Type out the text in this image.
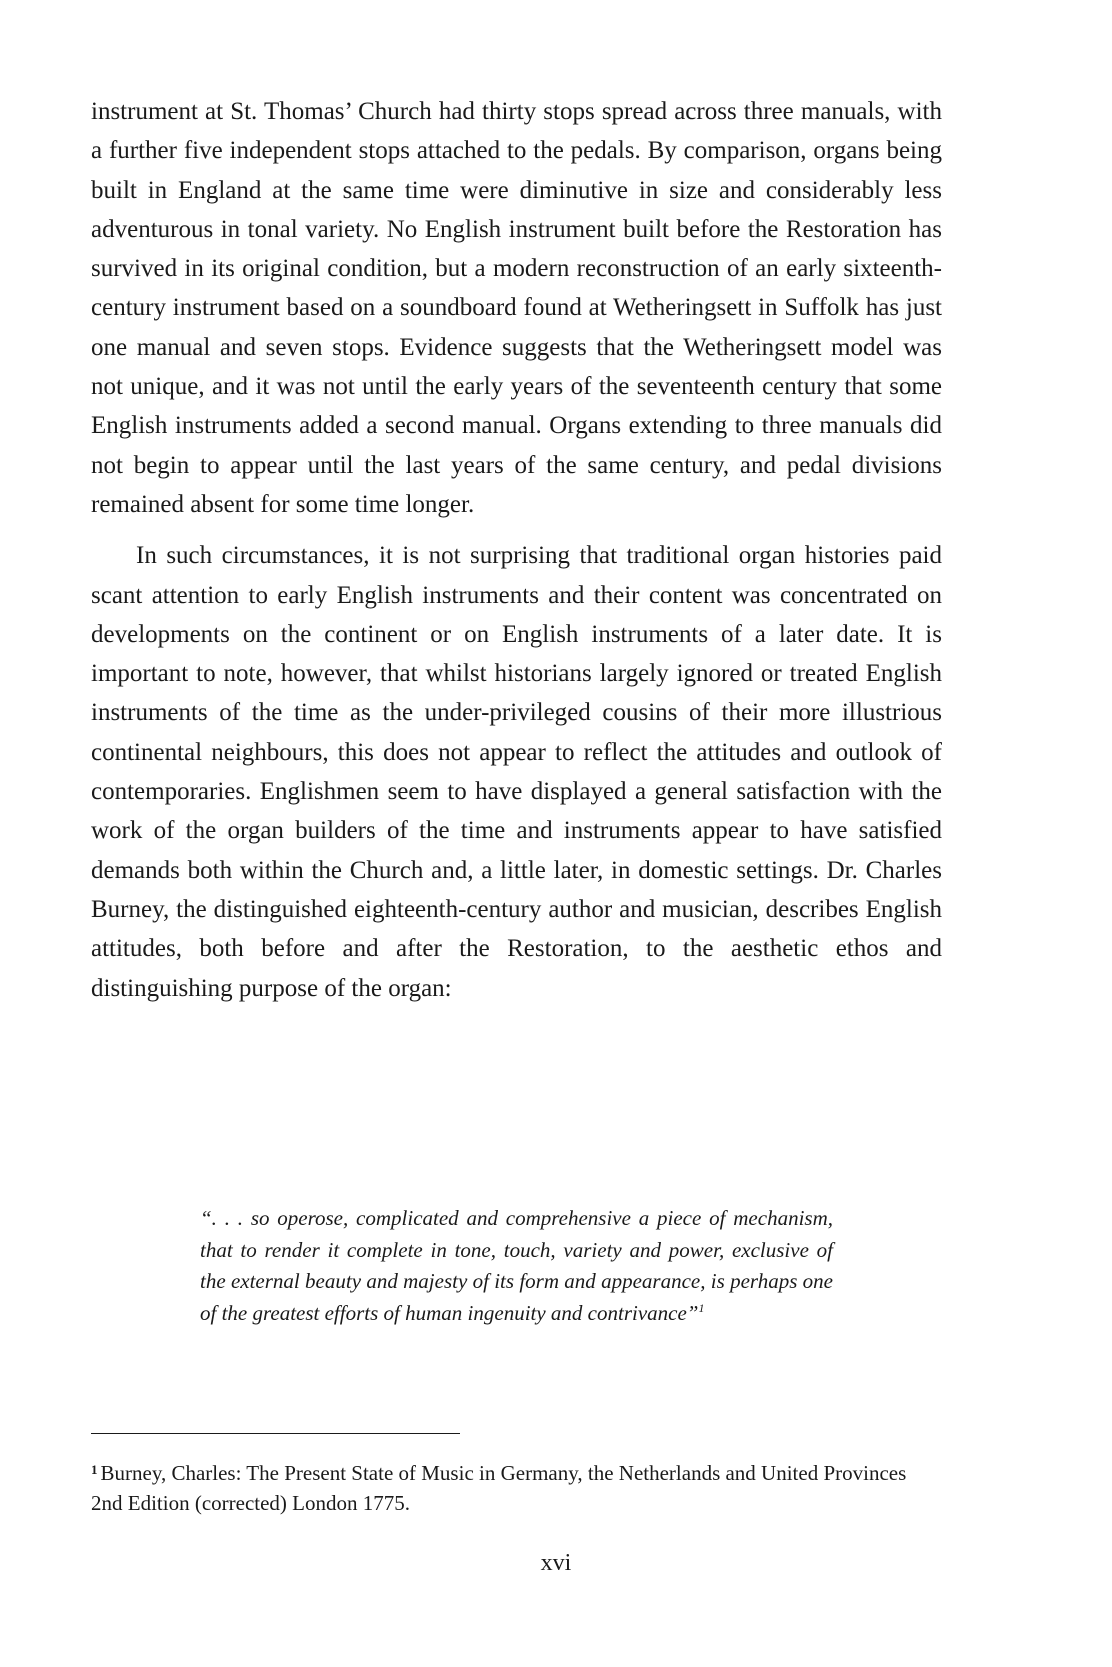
instrument at St. Thomas’ Church had thirty stops spread across three manuals, with a further five independent stops attached to the pedals. By comparison, organs being built in England at the same time were diminutive in size and considerably less adventurous in tonal variety. No English instrument built before the Restoration has survived in its original condition, but a modern reconstruction of an early sixteenth-century instrument based on a soundboard found at Wetheringsett in Suffolk has just one manual and seven stops. Evidence suggests that the Wetheringsett model was not unique, and it was not until the early years of the seventeenth century that some English instruments added a second manual. Organs extending to three manuals did not begin to appear until the last years of the same century, and pedal divisions remained absent for some time longer.

In such circumstances, it is not surprising that traditional organ histories paid scant attention to early English instruments and their content was concentrated on developments on the continent or on English instruments of a later date. It is important to note, however, that whilst historians largely ignored or treated English instruments of the time as the under-privileged cousins of their more illustrious continental neighbours, this does not appear to reflect the attitudes and outlook of contemporaries. Englishmen seem to have displayed a general satisfaction with the work of the organ builders of the time and instruments appear to have satisfied demands both within the Church and, a little later, in domestic settings. Dr. Charles Burney, the distinguished eighteenth-century author and musician, describes English attitudes, both before and after the Restoration, to the aesthetic ethos and distinguishing purpose of the organ:

“. . . so operose, complicated and comprehensive a piece of mechanism, that to render it complete in tone, touch, variety and power, exclusive of the external beauty and majesty of its form and appearance, is perhaps one of the greatest efforts of human ingenuity and contrivance”$^1$
$^1$ Burney, Charles: The Present State of Music in Germany, the Netherlands and United Provinces 2nd Edition (corrected) London 1775.
xvi
